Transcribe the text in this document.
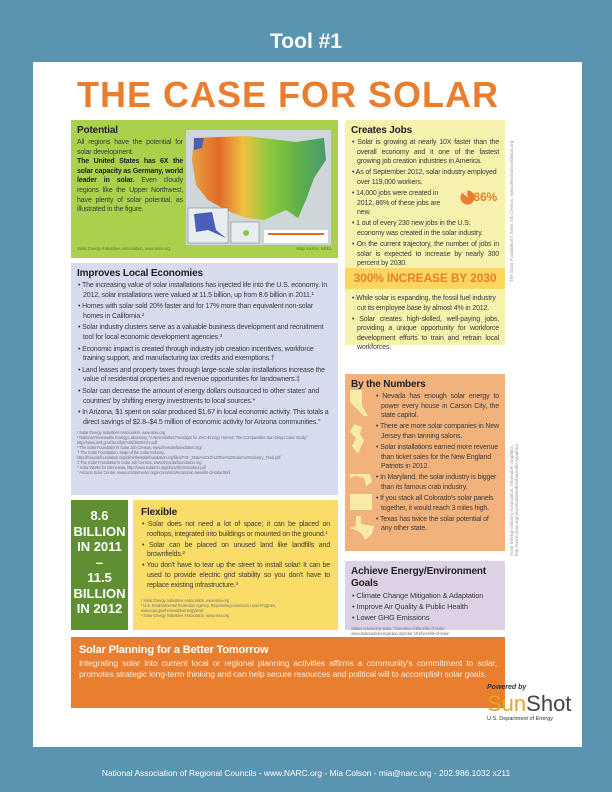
Tool #1
THE CASE FOR SOLAR
Potential
All regions have the potential for solar development.
The United States has 6X the solar capacity as Germany, world leader in solar. Even cloudy regions like the Upper Northwest, have plenty of solar potential, as illustrated in the figure.
Solar Energy Industries Association, www.seia.org.	Map source: NREL
Creates Jobs
• Solar is growing at nearly 10X faster than the overall economy and it one of the fastest growing job creation industries in America.
• As of September 2012, solar industry employed over 119,000 workers.
• 14,000 jobs were created in 2012, 86% of these jobs are new.
86%
• 1 out of every 230 new jobs in the U.S. economy was created in the solar industry.
• On the current trajectory, the number of jobs in solar is expected to increase by nearly 300 percent by 2030.
300% INCREASE BY 2030
• While solar is expanding, the fossil fuel industry cut its employee base by almost 4% in 2012.
• Solar creates high-skilled, well-paying jobs, providing a unique opportunity for workforce development efforts to train and retrain local workforces.
The Solar Foundation's Solar Job Census, www.thesolarfoundation.org
Improves Local Economies
• The increasing value of solar installations has injected life into the U.S. economy. In 2012, solar installations were valued at 11.5 billion, up from 8.6 billion in 2011.¹
• Homes with solar sold 20% faster and for 17% more than equivalent non-solar homes in California.²
• Solar industry clusters serve as a valuable business development and recruitment tool for local economic development agencies.³
• Economic impact is created through industry job creation incentives, workforce training support, and manufacturing tax credits and exemptions.†
• Land leases and property taxes through large-scale solar installations increase the value of residential properties and revenue opportunities for landowners.‡
• Solar can decrease the amount of energy dollars outsourced to other states' and countries' by shifting energy investments to local sources.*
• In Arizona, $1 spent on solar produced $1.67 in local economic activity. This totals a direct savings of $2.8–$4.5 million of economic activity for Arizona communities.°
¹ Solar Energy Industries Association, www.seia.org
² National Renewable Energy Laboratory, "A New Market Paradigm for Zero-Energy Homes: The Comparative San Diego Case Study," http://www.nrel.gov/docs/fy07osti/38304-01.pdf
³ The Solar Foundation's Solar Job Census, www.thesolarfoundation.org/
† The Solar Foundation, State of the Solar Industry, http://thesolarfoundation.org/sites/thesolarfoundation.org/files/TSF_State%20of%20the%20Solar%20Industry_Final.pdf
‡ The Solar Foundation's Solar Job Census, www.thesolarfoundation.org
* Solar Works for Minnesota, http://www.solarmn.org/docs/SESHandout.pdf
° Arizona Solar Center, www.azsolarcenter.org/economics/economic-benefits-of-solar.html
8.6
BILLION
IN 2011
–
11.5
BILLION
IN 2012
Flexible
• Solar does not need a lot of space; it can be placed on rooftops, integrated into buildings or mounted on the ground.¹
• Solar can be placed on unused land like landfills and brownfields.²
• You don't have to tear up the street to install solar! It can be used to provide electric grid stability so you don't have to replace existing infrastructure.³
¹ Solar Energy Industries Association, www.seia.org
² U.S. Environmental Protection Agency, Repowering America's Land Program, www.epa.gov/renewableenergyland/
³ Solar Energy Industries Association, www.seia.org
By the Numbers
• Nevada has enough solar energy to power every house in Carson City, the state capitol.
• There are more solar companies in New Jersey than tanning salons.
• Solar installations earned more revenue than ticket sales for the New England Patriots in 2012.
• In Maryland, the solar industry is bigger than its famous crab industry.
• If you stack all Colorado's solar panels together, it would reach 3 miles high.
• Texas has twice the solar potential of any other state.	Solar Energy Industry Association, Shareable Graphics, http://www.seia.org/news/multimedia/shareable-graphics
Achieve Energy/Environment Goals
• Climate Change Mitigation & Adaptation
• Improve Air Quality & Public Health
• Lower GHG Emissions
States Advancing Solar, "Overview of Benefits of Solar," www.statesadvancingsolar.org/solar-101/benefits-of-solar
Solar Planning for a Better Tomorrow

Integrating solar into current local or regional planning activities affirms a community's commitment to solar, promotes strategic long-term thinking and can help secure resources and political will to accomplish solar goals.

Powered by
SunShot
U.S. Department of Energy
National Association of Regional Councils - www.NARC.org - Mia Colson - mia@narc.org - 202.986.1032 x211
